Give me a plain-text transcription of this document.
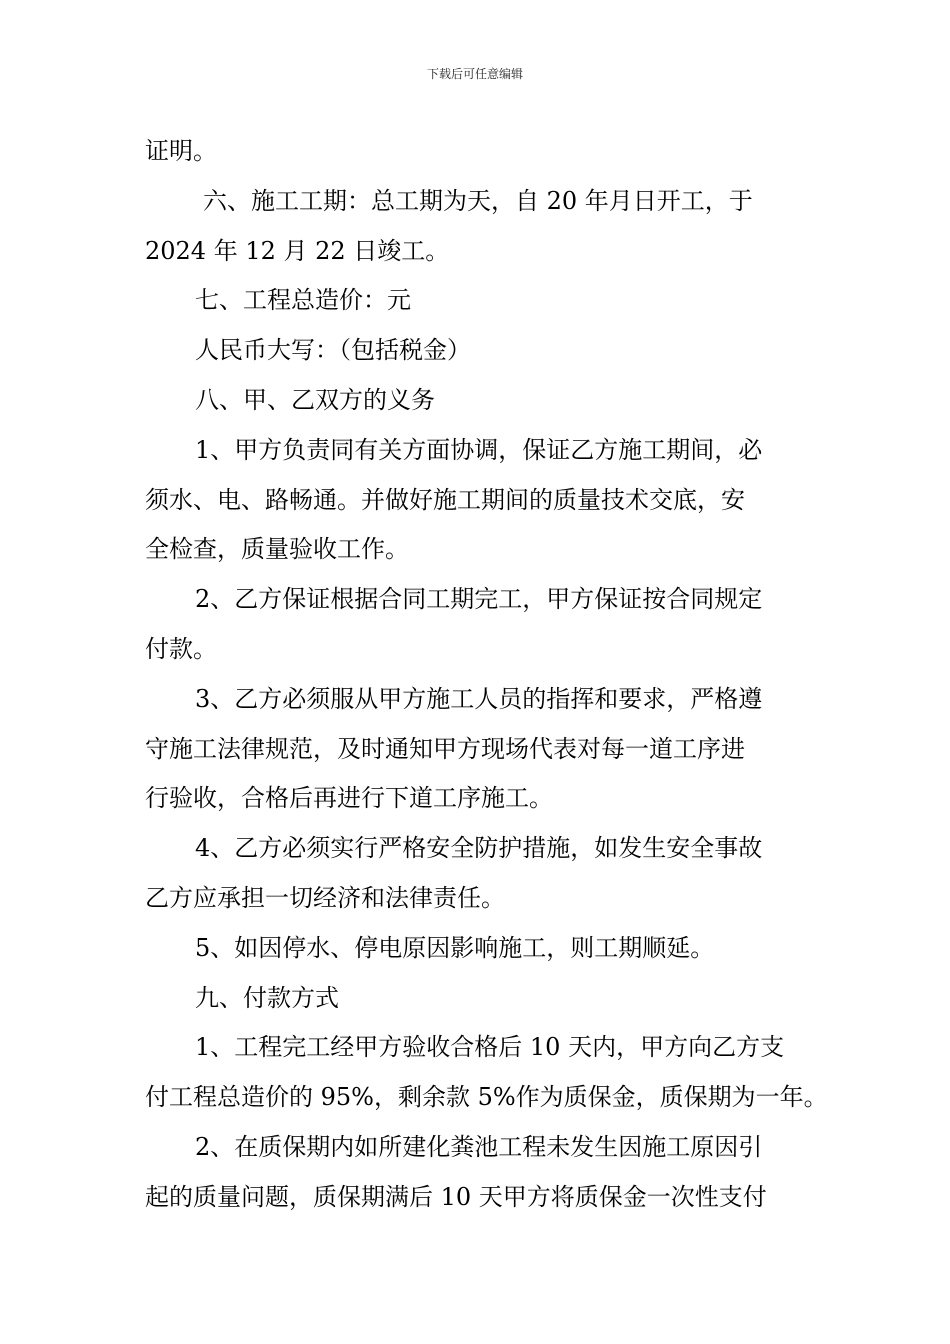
下载后可任意编辑
证明。
六、施工工期：总工期为天，自 20 年月日开工，于
2024 年 12 月 22 日竣工。
七、工程总造价：元
人民币大写：（包括税金）
八、甲、乙双方的义务
1、甲方负责同有关方面协调，保证乙方施工期间，必
须水、电、路畅通。并做好施工期间的质量技术交底，安
全检查，质量验收工作。
2、乙方保证根据合同工期完工，甲方保证按合同规定
付款。
3、乙方必须服从甲方施工人员的指挥和要求，严格遵
守施工法律规范，及时通知甲方现场代表对每一道工序进
行验收，合格后再进行下道工序施工。
4、乙方必须实行严格安全防护措施，如发生安全事故
乙方应承担一切经济和法律责任。
5、如因停水、停电原因影响施工，则工期顺延。
九、付款方式
1、工程完工经甲方验收合格后 10 天内，甲方向乙方支
付工程总造价的 95%，剩余款 5%作为质保金，质保期为一年。
2、在质保期内如所建化粪池工程未发生因施工原因引
起的质量问题，质保期满后 10 天甲方将质保金一次性支付
